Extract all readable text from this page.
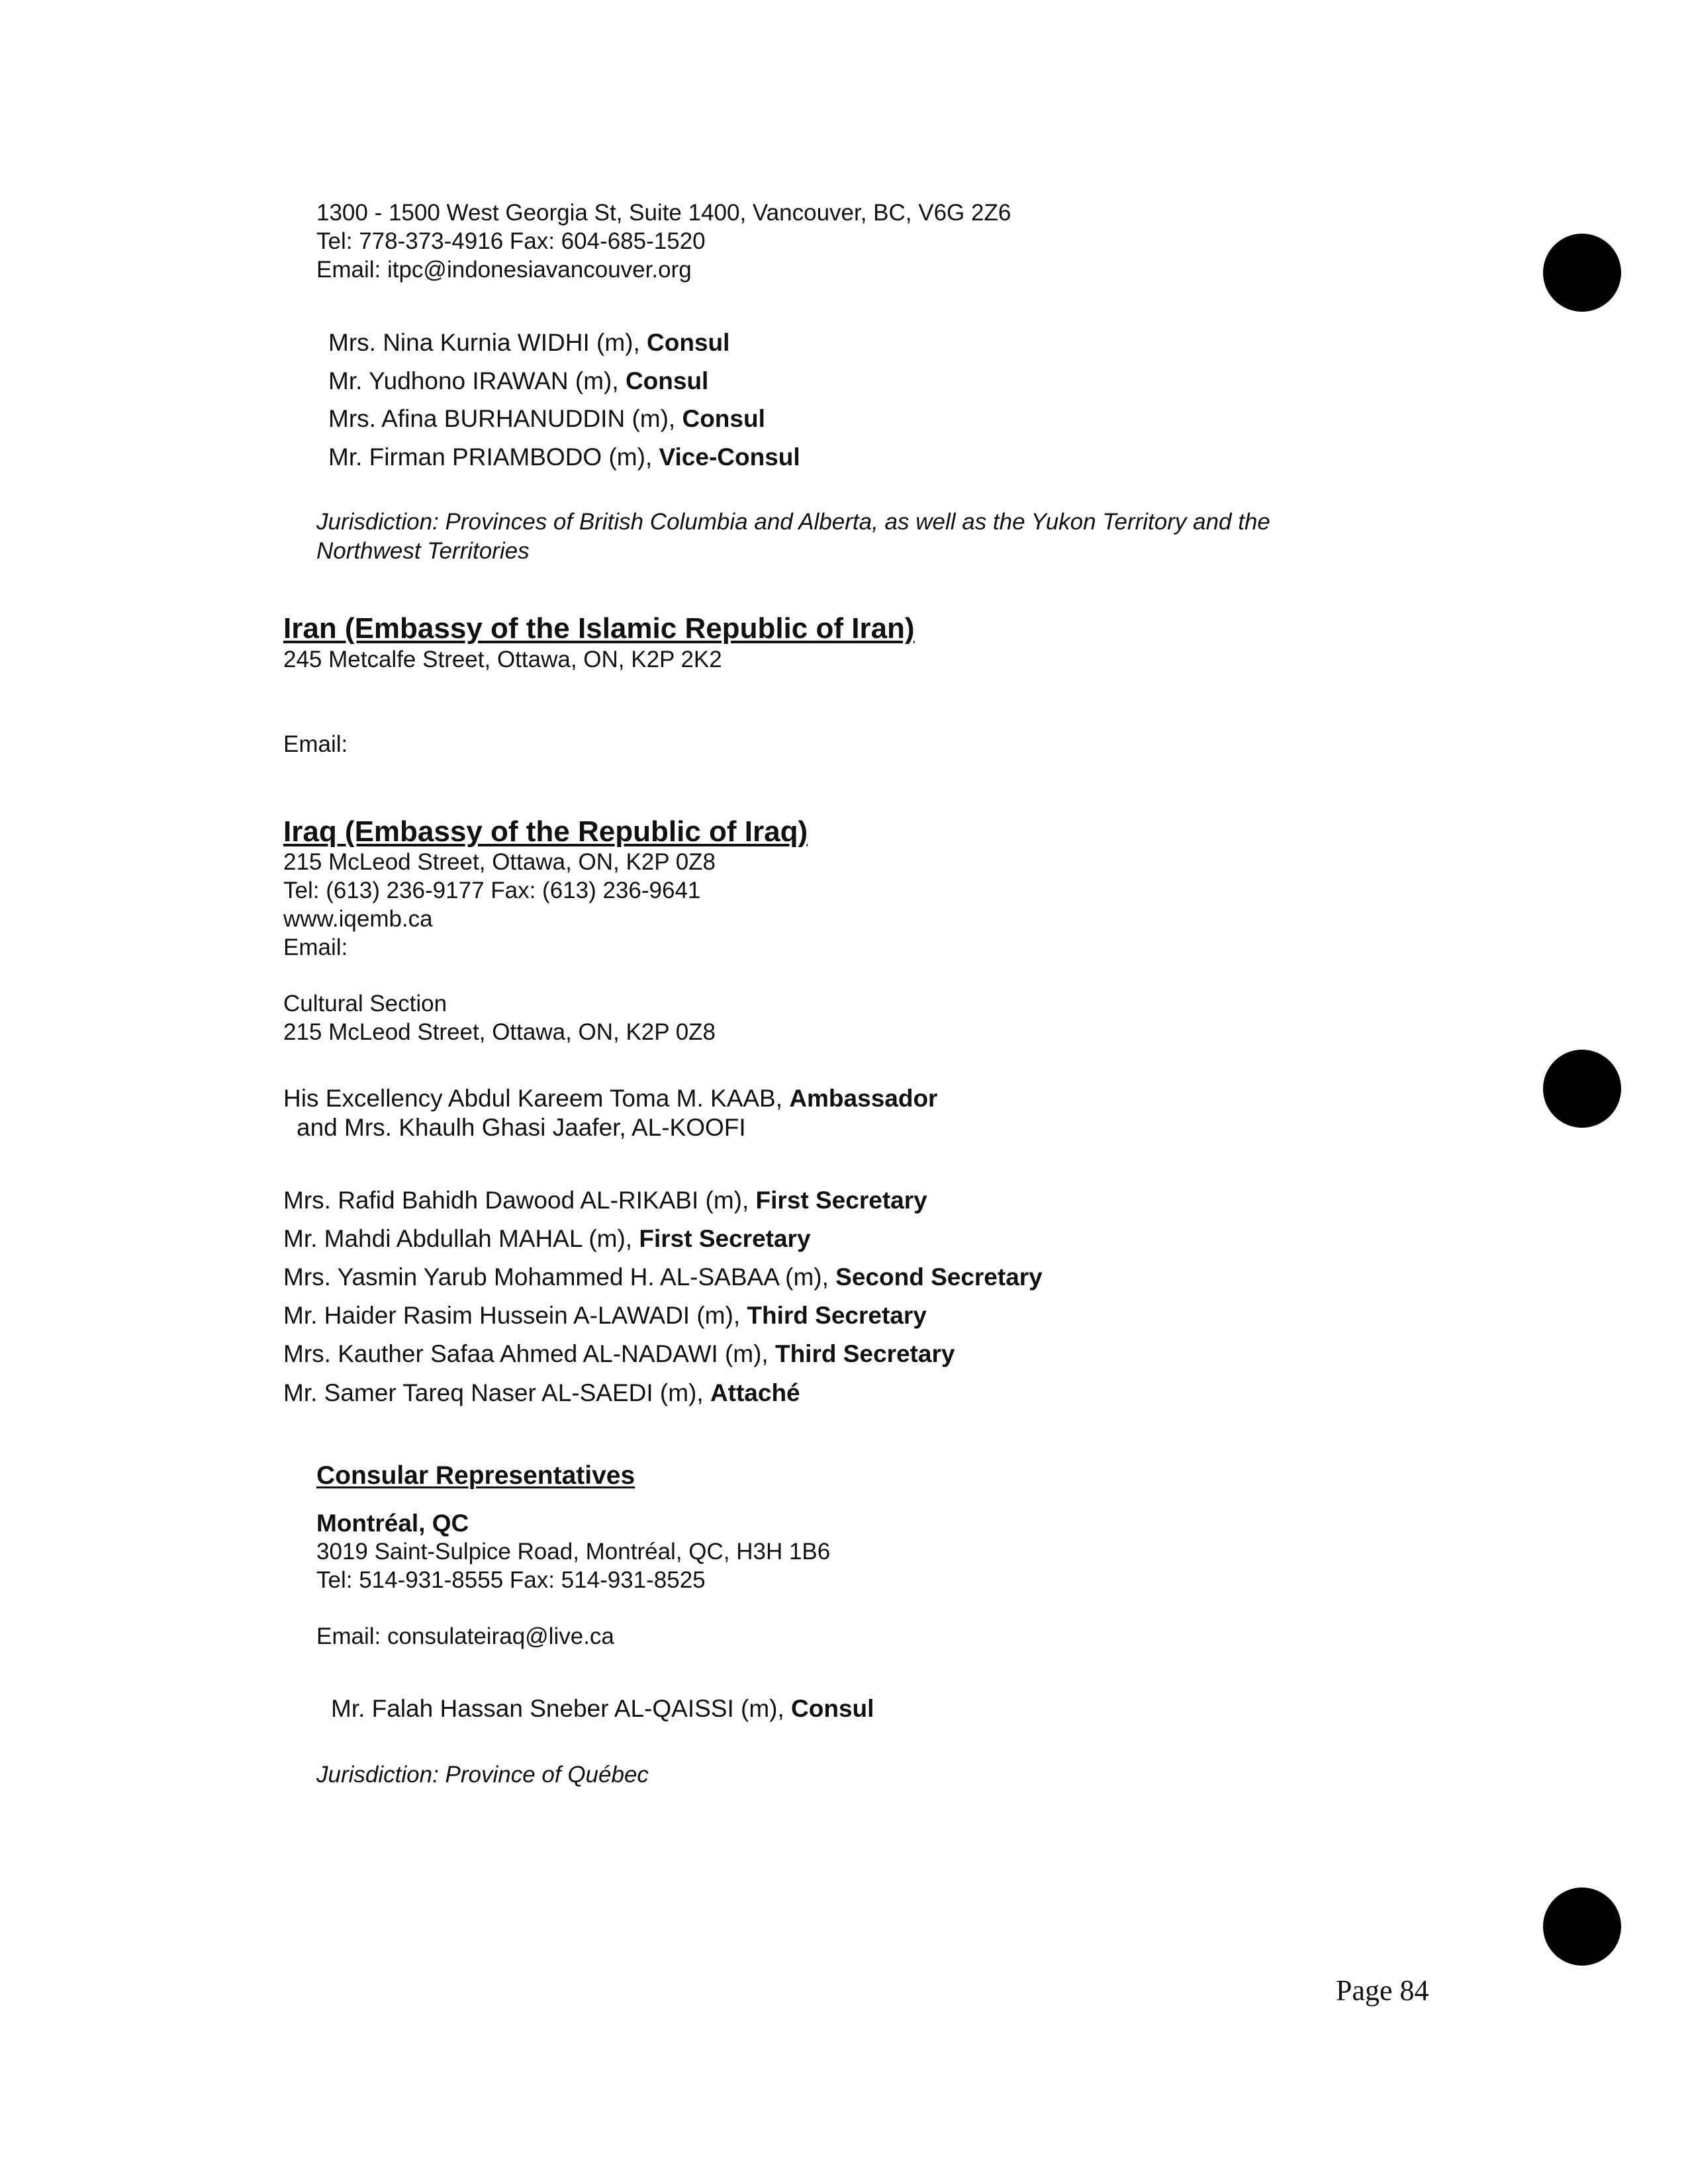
1300 - 1500 West Georgia St, Suite 1400, Vancouver, BC, V6G 2Z6
Tel: 778-373-4916 Fax: 604-685-1520
Email: itpc@indonesiavancouver.org
Mrs. Nina Kurnia WIDHI (m), Consul
Mr. Yudhono IRAWAN (m), Consul
Mrs. Afina BURHANUDDIN (m), Consul
Mr. Firman PRIAMBODO (m), Vice-Consul
Jurisdiction: Provinces of British Columbia and Alberta, as well as the Yukon Territory and the
Northwest Territories
Iran (Embassy of the Islamic Republic of Iran)
245 Metcalfe Street, Ottawa, ON, K2P 2K2
Email:
Iraq (Embassy of the Republic of Iraq)
215 McLeod Street, Ottawa, ON, K2P 0Z8
Tel: (613) 236-9177 Fax: (613) 236-9641
www.iqemb.ca
Email:
Cultural Section
215 McLeod Street, Ottawa, ON, K2P 0Z8
His Excellency Abdul Kareem Toma M. KAAB, Ambassador
and Mrs. Khaulh Ghasi Jaafer, AL-KOOFI
Mrs. Rafid Bahidh Dawood AL-RIKABI (m), First Secretary
Mr. Mahdi Abdullah MAHAL (m), First Secretary
Mrs. Yasmin Yarub Mohammed H. AL-SABAA (m), Second Secretary
Mr. Haider Rasim Hussein A-LAWADI (m), Third Secretary
Mrs. Kauther Safaa Ahmed AL-NADAWI (m), Third Secretary
Mr. Samer Tareq Naser AL-SAEDI (m), Attaché
Consular Representatives
Montréal, QC
3019 Saint-Sulpice Road, Montréal, QC, H3H 1B6
Tel: 514-931-8555 Fax: 514-931-8525
Email: consulateiraq@live.ca
Mr. Falah Hassan Sneber AL-QAISSI (m), Consul
Jurisdiction: Province of Québec
Page 84
